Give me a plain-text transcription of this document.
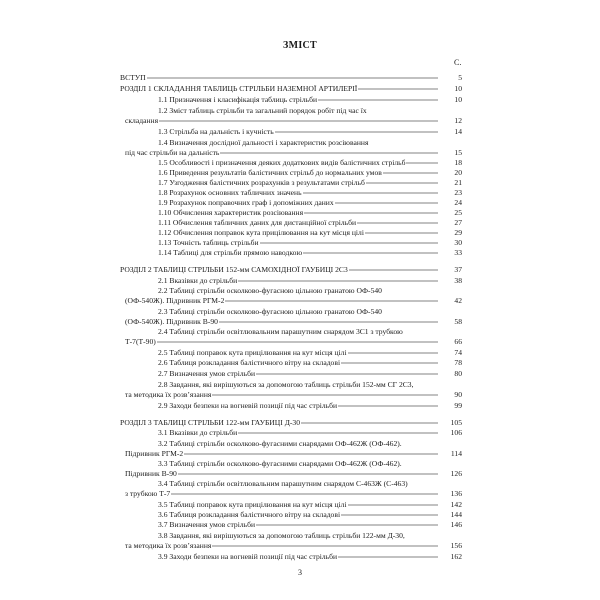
ЗМІСТ
С.
ВСТУП	5
РОЗДІЛ 1 СКЛАДАННЯ ТАБЛИЦЬ СТРІЛЬБИ НАЗЕМНОЇ АРТИЛЕРІЇ	10
1.1 Призначення і класифікація таблиць стрільби	10
1.2 Зміст таблиць стрільби та загальний порядок робіт під час їх
складання	12
1.3 Стрільба на дальність і кучність	14
1.4 Визначення дослідної дальності і характеристик розсіювання
під час стрільби на дальність	15
1.5 Особливості і призначення деяких додаткових видів балістичних стрільб	18
1.6 Приведення результатів балістичних стрільб до нормальних умов	20
1.7 Узгодження балістичних розрахунків з результатами стрільб	21
1.8 Розрахунок основних табличних значень	23
1.9 Розрахунок поправочних граф і допоміжних даних	24
1.10 Обчислення характеристик розсіювання	25
1.11 Обчислення табличних даних для дистанційної стрільби	27
1.12 Обчислення поправок кута прицілювання на кут місця цілі	29
1.13 Точність таблиць стрільби	30
1.14 Таблиці для стрільби прямою наводкою	33
РОЗДІЛ 2 ТАБЛИЦІ СТРІЛЬБИ 152-мм САМОХІДНОЇ ГАУБИЦІ 2С3	37
2.1 Вказівки до стрільби	38
2.2 Таблиці стрільби осколково-фугасною цільною гранатою ОФ-540
(ОФ-540Ж). Підривник РГМ-2	42
2.3 Таблиці стрільби осколково-фугасною цільною гранатою ОФ-540
(ОФ-540Ж). Підривник В-90	58
2.4 Таблиці стрільби освітлювальним парашутним снарядом 3С1 з трубкою
Т-7(Т-90)	66
2.5 Таблиці поправок кута прицілювання на кут місця цілі	74
2.6 Таблиця розкладання балістичного вітру на складові	78
2.7 Визначення умов стрільби	80
2.8 Завдання, які вирішуються за допомогою таблиць стрільби 152-мм СГ 2С3,
та методика їх розв’язання	90
2.9 Заходи безпеки на вогневій позиції під час стрільби	99
РОЗДІЛ 3 ТАБЛИЦІ СТРІЛЬБИ 122-мм ГАУБИЦІ Д-30	105
3.1 Вказівки до стрільби	106
3.2 Таблиці стрільби осколково-фугасними снарядами ОФ-462Ж (ОФ-462).
Підривник РГМ-2	114
3.3 Таблиці стрільби осколково-фугасними снарядами ОФ-462Ж (ОФ-462).
Підривник В-90	126
3.4 Таблиці стрільби освітлювальним парашутним снарядом С-463Ж (С-463)
з трубкою Т-7	136
3.5 Таблиці поправок кута прицілювання на кут місця цілі	142
3.6 Таблиця розкладання балістичного вітру на складові	144
3.7 Визначення умов стрільби	146
3.8 Завдання, які вирішуються за допомогою таблиць стрільби 122-мм Д-30,
та методика їх розв’язання	156
3.9 Заходи безпеки на вогневій позиції під час стрільби	162
3
